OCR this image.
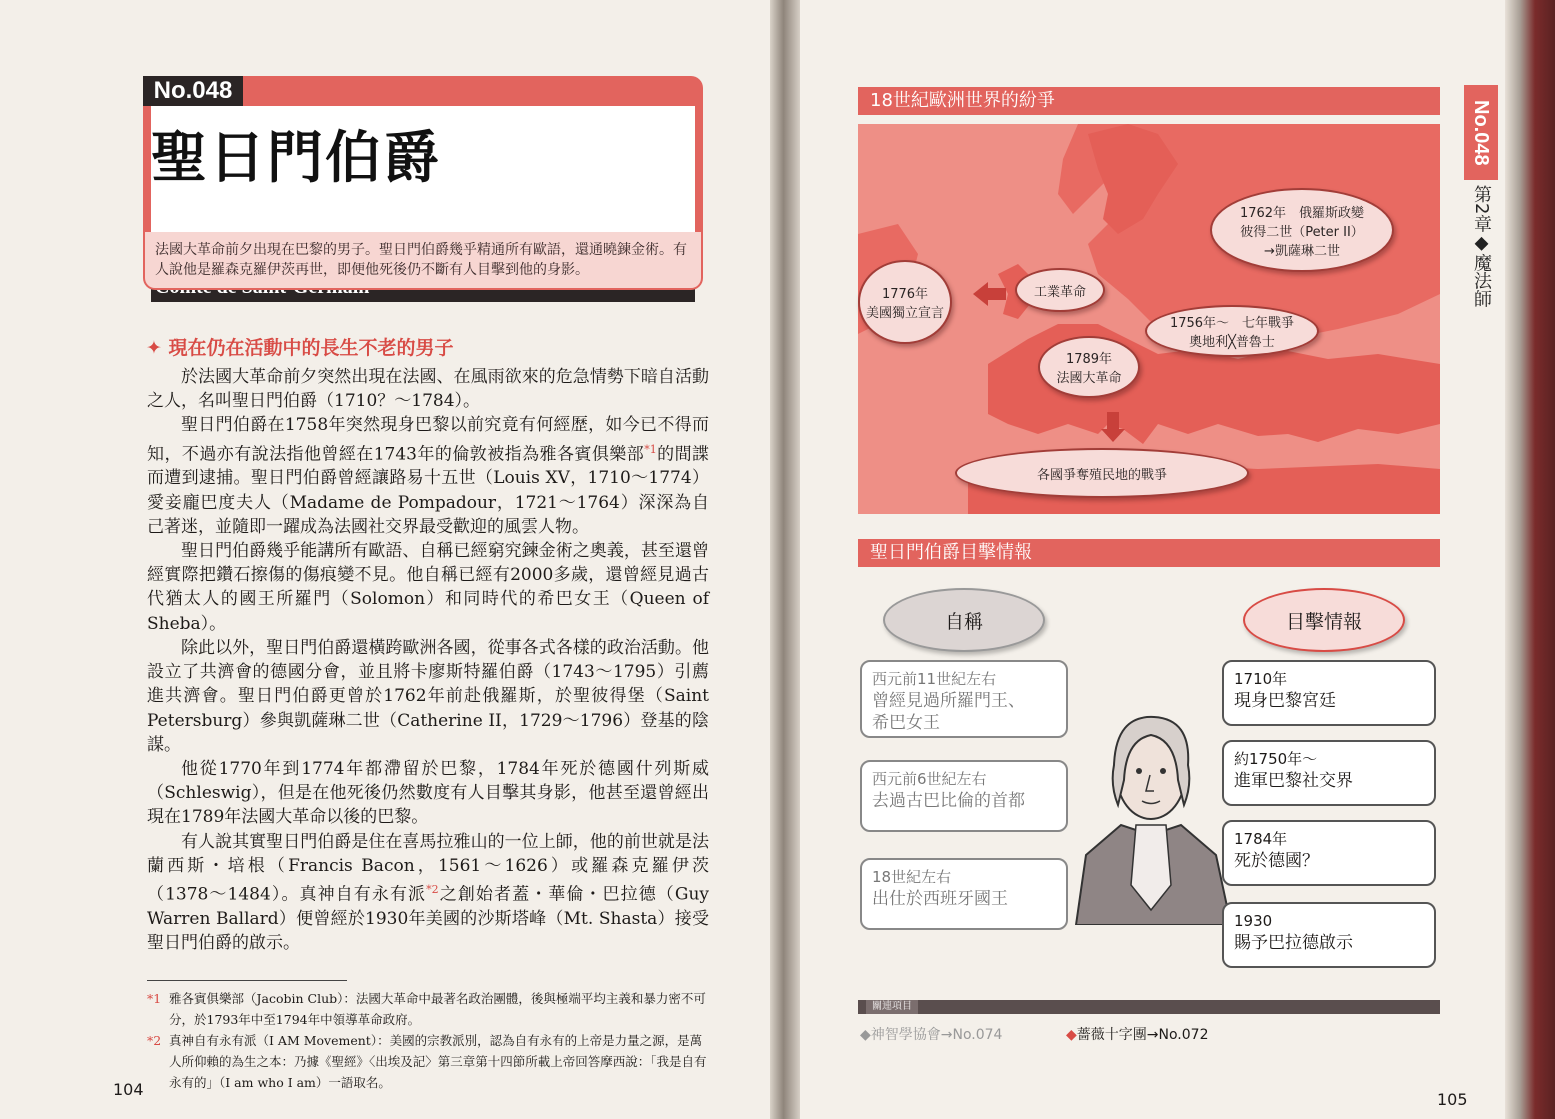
No.048
聖日門伯爵
法國大革命前夕出現在巴黎的男子。聖日門伯爵幾乎精通所有歐語，還通曉鍊金術。有人說他是羅森克羅伊茨再世，即便他死後仍不斷有人目擊到他的身影。
✦ 現在仍在活動中的長生不老的男子

於法國大革命前夕突然出現在法國、在風雨欲來的危急情勢下暗自活動之人，名叫聖日門伯爵（1710？〜1784）。

聖日門伯爵在1758年突然現身巴黎以前究竟有何經歷，如今已不得而知，不過亦有說法指他曾經在1743年的倫敦被指為雅各賓俱樂部$^{*1}$的間諜而遭到逮捕。聖日門伯爵曾經讓路易十五世（Louis XV，1710〜1774）愛妾龐巴度夫人（Madame de Pompadour，1721〜1764）深深為自己著迷，並隨即一躍成為法國社交界最受歡迎的風雲人物。

聖日門伯爵幾乎能講所有歐語、自稱已經窮究鍊金術之奧義，甚至還曾經實際把鑽石擦傷的傷痕變不見。他自稱已經有2000多歲，還曾經見過古代猶太人的國王所羅門（Solomon）和同時代的希巴女王（Queen of Sheba）。

除此以外，聖日門伯爵還橫跨歐洲各國，從事各式各樣的政治活動。他設立了共濟會的德國分會，並且將卡廖斯特羅伯爵（1743〜1795）引薦進共濟會。聖日門伯爵更曾於1762年前赴俄羅斯，於聖彼得堡（Saint Petersburg）參與凱薩琳二世（Catherine II，1729〜1796）登基的陰謀。

他從1770年到1774年都滯留於巴黎，1784年死於德國什列斯威（Schleswig），但是在他死後仍然數度有人目擊其身影，他甚至還曾經出現在1789年法國大革命以後的巴黎。

有人說其實聖日門伯爵是住在喜馬拉雅山的一位上師，他的前世就是法蘭西斯・培根（Francis Bacon，1561〜1626）或羅森克羅伊茨（1378〜1484）。真神自有永有派$^{*2}$之創始者蓋・華倫・巴拉德（Guy Warren Ballard）便曾經於1930年美國的沙斯塔峰（Mt. Shasta）接受聖日門伯爵的啟示。

*1 雅各賓俱樂部（Jacobin Club）：法國大革命中最著名政治團體，後與極端平均主義和暴力密不可分，於1793年中至1794年中領導革命政府。
*2 真神自有永有派（I AM Movement）：美國的宗教派別，認為自有永有的上帝是力量之源，是萬人所仰賴的為生之本：乃據《聖經》〈出埃及記〉第三章第十四節所載上帝回答摩西說：「我是自有永有的」（I am who I am）一語取名。
104
18世紀歐洲世界的紛爭
1762年　俄羅斯政變
彼得二世（Peter II）
→凱薩琳二世
1776年
美國獨立宣言
工業革命
1756年〜　七年戰爭
奧地利╳普魯士
1789年
法國大革命
各國爭奪殖民地的戰爭
聖日門伯爵目擊情報
自稱	目擊情報
西元前11世紀左右
曾經見過所羅門王、
希巴女王
西元前6世紀左右
去過古巴比倫的首都
18世紀左右
出仕於西班牙國王
1710年
現身巴黎宮廷
約1750年〜
進軍巴黎社交界
1784年
死於德國？
1930
賜予巴拉德啟示
關連項目
◆神智學協會→No.074	◆薔薇十字團→No.072
105
No.048
第2章◆魔法師
